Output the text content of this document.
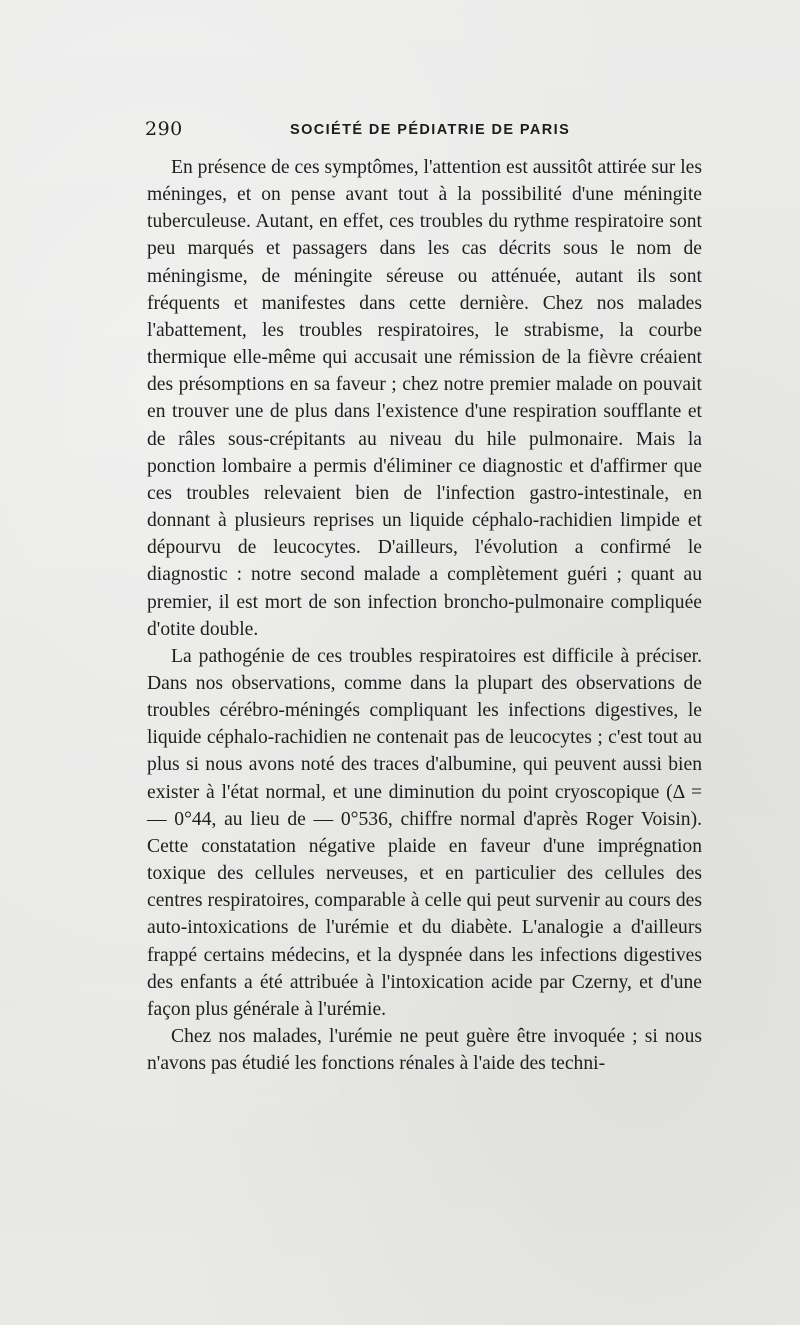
290	SOCIÉTÉ DE PÉDIATRIE DE PARIS

En présence de ces symptômes, l'attention est aussitôt attirée sur les méninges, et on pense avant tout à la possibilité d'une méningite tuberculeuse. Autant, en effet, ces troubles du rythme respiratoire sont peu marqués et passagers dans les cas décrits sous le nom de méningisme, de méningite séreuse ou atténuée, autant ils sont fréquents et manifestes dans cette dernière. Chez nos malades l'abattement, les troubles respiratoires, le strabisme, la courbe thermique elle-même qui accusait une rémission de la fièvre créaient des présomptions en sa faveur ; chez notre premier malade on pouvait en trouver une de plus dans l'existence d'une respiration soufflante et de râles sous-crépitants au niveau du hile pulmonaire. Mais la ponction lombaire a permis d'éliminer ce diagnostic et d'affirmer que ces troubles relevaient bien de l'infection gastro-intestinale, en donnant à plusieurs reprises un liquide céphalo-rachidien limpide et dépourvu de leucocytes. D'ailleurs, l'évolution a confirmé le diagnostic : notre second malade a complètement guéri ; quant au premier, il est mort de son infection broncho-pulmonaire compliquée d'otite double.

La pathogénie de ces troubles respiratoires est difficile à préciser. Dans nos observations, comme dans la plupart des observations de troubles cérébro-méningés compliquant les infections digestives, le liquide céphalo-rachidien ne contenait pas de leucocytes ; c'est tout au plus si nous avons noté des traces d'albumine, qui peuvent aussi bien exister à l'état normal, et une diminution du point cryoscopique (Δ = — 0°44, au lieu de — 0°536, chiffre normal d'après Roger Voisin). Cette constatation négative plaide en faveur d'une imprégnation toxique des cellules nerveuses, et en particulier des cellules des centres respiratoires, comparable à celle qui peut survenir au cours des auto-intoxications de l'urémie et du diabète. L'analogie a d'ailleurs frappé certains médecins, et la dyspnée dans les infections digestives des enfants a été attribuée à l'intoxication acide par Czerny, et d'une façon plus générale à l'urémie.

Chez nos malades, l'urémie ne peut guère être invoquée ; si nous n'avons pas étudié les fonctions rénales à l'aide des techni-
